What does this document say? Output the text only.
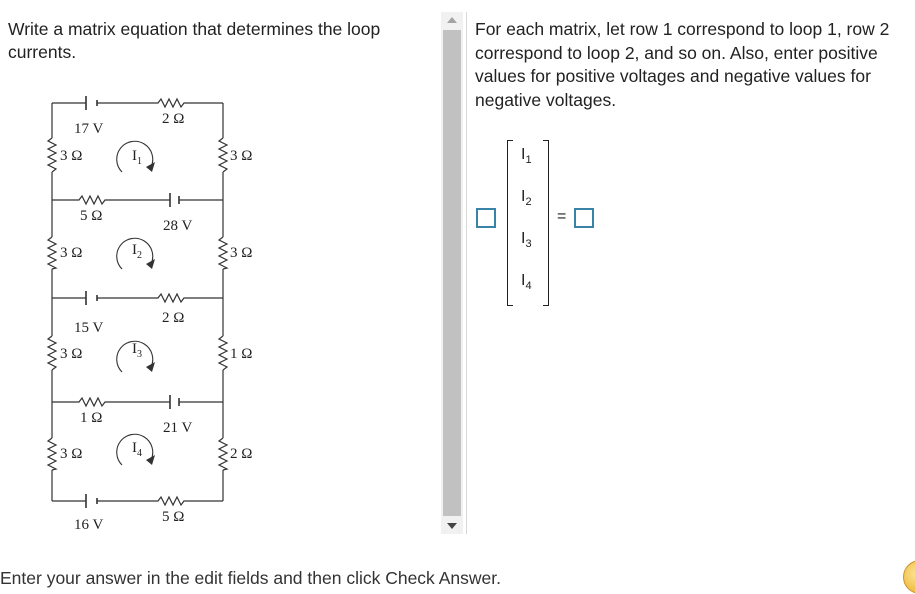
Write a matrix equation that determines the loop currents.

17 V
2 Ω
3 Ω	3 Ω
$I_1$
5 Ω
28 V
3 Ω	3 Ω
$I_2$
15 V
2 Ω
3 Ω	1 Ω
$I_3$
1 Ω
21 V
3 Ω	2 Ω
$I_4$
16 V	5 Ω

For each matrix, let row 1 correspond to loop 1, row 2 correspond to loop 2, and so on. Also, enter positive values for positive voltages and negative values for negative voltages.

$I_1$
$I_2$
$I_3$
$I_4$
=
Enter your answer in the edit fields and then click Check Answer.
